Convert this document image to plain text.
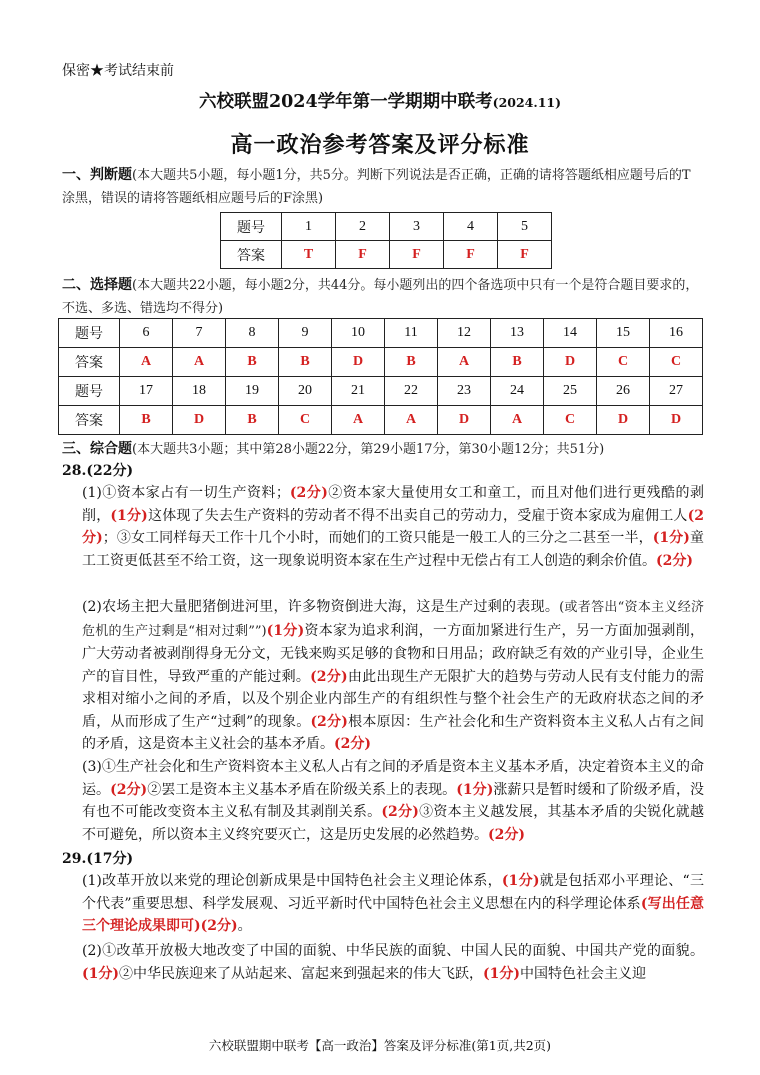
保密★考试结束前
六校联盟2024学年第一学期期中联考(2024.11)
高一政治参考答案及评分标准
一、判断题(本大题共5小题，每小题1分，共5分。判断下列说法是否正确，正确的请将答题纸相应题号后的T涂黑，错误的请将答题纸相应题号后的F涂黑)
题号	1	2	3	4	5
答案	T	F	F	F	F
二、选择题(本大题共22小题，每小题2分，共44分。每小题列出的四个备选项中只有一个是符合题目要求的，不选、多选、错选均不得分)
题号	6	7	8	9	10	11	12	13	14	15	16
答案	A	A	B	B	D	B	A	B	D	C	C
题号	17	18	19	20	21	22	23	24	25	26	27
答案	B	D	B	C	A	A	D	A	C	D	D
三、综合题(本大题共3小题；其中第28小题22分，第29小题17分，第30小题12分；共51分)
28.(22分)
(1)①资本家占有一切生产资料；(2分)②资本家大量使用女工和童工，而且对他们进行更残酷的剥削，(1分)这体现了失去生产资料的劳动者不得不出卖自己的劳动力，受雇于资本家成为雇佣工人(2分)；③女工同样每天工作十几个小时，而她们的工资只能是一般工人的三分之二甚至一半，(1分)童工工资更低甚至不给工资，这一现象说明资本家在生产过程中无偿占有工人创造的剩余价值。(2分)
(2)农场主把大量肥猪倒进河里，许多物资倒进大海，这是生产过剩的表现。(或者答出“资本主义经济危机的生产过剩是“相对过剩””)(1分)资本家为追求利润，一方面加紧进行生产，另一方面加强剥削，广大劳动者被剥削得身无分文，无钱来购买足够的食物和日用品；政府缺乏有效的产业引导，企业生产的盲目性，导致严重的产能过剩。(2分)由此出现生产无限扩大的趋势与劳动人民有支付能力的需求相对缩小之间的矛盾，以及个别企业内部生产的有组织性与整个社会生产的无政府状态之间的矛盾，从而形成了生产“过剩”的现象。(2分)根本原因：生产社会化和生产资料资本主义私人占有之间的矛盾，这是资本主义社会的基本矛盾。(2分)
(3)①生产社会化和生产资料资本主义私人占有之间的矛盾是资本主义基本矛盾，决定着资本主义的命运。(2分)②罢工是资本主义基本矛盾在阶级关系上的表现。(1分)涨薪只是暂时缓和了阶级矛盾，没有也不可能改变资本主义私有制及其剥削关系。(2分)③资本主义越发展，其基本矛盾的尖锐化就越不可避免，所以资本主义终究要灭亡，这是历史发展的必然趋势。(2分)
29.(17分)
(1)改革开放以来党的理论创新成果是中国特色社会主义理论体系，(1分)就是包括邓小平理论、“三个代表”重要思想、科学发展观、习近平新时代中国特色社会主义思想在内的科学理论体系(写出任意三个理论成果即可)(2分)。
(2)①改革开放极大地改变了中国的面貌、中华民族的面貌、中国人民的面貌、中国共产党的面貌。(1分)②中华民族迎来了从站起来、富起来到强起来的伟大飞跃，(1分)中国特色社会主义迎
六校联盟期中联考【高一政治】答案及评分标准(第1页,共2页)
